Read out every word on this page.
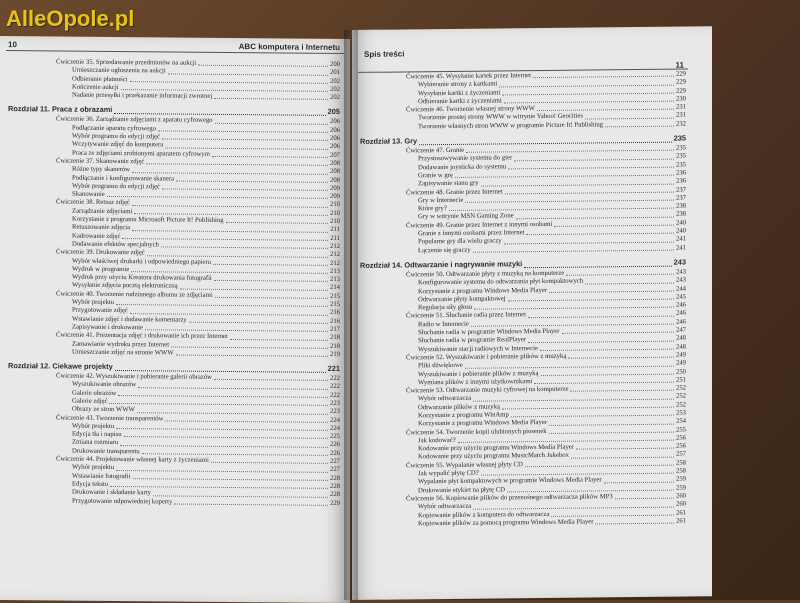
10	ABC komputera i Internetu
Ćwiczenie 35. Sprzedawanie przedmiotów na aukcji	200
Umieszczanie ogłoszenia na aukcji	201
Odbieranie płatności	202
Kończenie aukcji	202
Nadanie przesyłki i przekazanie informacji zwrotnej	202
Rozdział 11. Praca z obrazami	205
Ćwiczenie 36. Zarządzanie zdjęciami z aparatu cyfrowego	206
Podłączanie aparatu cyfrowego	206
Wybór programu do edycji zdjęć	206
Wczytywanie zdjęć do komputera	206
Praca ze zdjęciami zrobionymi aparatem cyfrowym	207
Ćwiczenie 37. Skanowanie zdjęć	208
Różne typy skanerów	208
Podłączanie i konfigurowanie skanera	208
Wybór programu do edycji zdjęć	209
Skanowanie	209
Ćwiczenie 38. Retusz zdjęć	210
Zarządzanie zdjęciami	210
Korzystanie z programu Microsoft Picture It! Publishing	210
Retuszowanie zdjęcia	211
Kadrowanie zdjęć	211
Dodawanie efektów specjalnych	212
Ćwiczenie 39. Drukowanie zdjęć	212
Wybór właściwej drukarki i odpowiedniego papieru	212
Wydruk w programie	213
Wydruk przy użyciu Kreatora drukowania fotografii	213
Wysyłanie zdjęcia pocztą elektroniczną	214
Ćwiczenie 40. Tworzenie rodzinnego albumu ze zdjęciami	215
Wybór projektu	215
Przygotowanie zdjęć	216
Wstawianie zdjęć i dodawanie komentarzy	216
Zapisywanie i drukowanie	217
Ćwiczenie 41. Prezentacja zdjęć i drukowanie ich przez Internet	218
Zamawianie wydruku przez Internet	218
Umieszczanie zdjęć na stronie WWW	219
Rozdział 12. Ciekawe projekty	221
Ćwiczenie 42. Wyszukiwanie i pobieranie galerii obrazów	222
Wyszukiwanie obrazów	222
Galerie obrazów	222
Galerie zdjęć	223
Obrazy ze stron WWW	223
Ćwiczenie 43. Tworzenie transparentów	224
Wybór projektu	224
Edycja tła i napisu	225
Zmiana rozmiaru	226
Drukowanie transparentu	226
Ćwiczenie 44. Projektowanie własnej karty z życzeniami	227
Wybór projektu	227
Wstawianie fotografii	228
Edycja tekstu	228
Drukowanie i składanie karty	228
Przygotowanie odpowiedniej koperty	229
Spis treści
11
Ćwiczenie 45. Wysyłanie kartek przez Internet	229
Wybieranie strony z kartkami	229
Wysyłanie kartki z życzeniami	229
Odbieranie kartki z życzeniami	230
Ćwiczenie 46. Tworzenie własnej strony WWW	231
Tworzenie prostej strony WWW w witrynie Yahoo! Geocities	231
Tworzenie własnych stron WWW w programie Picture It! Publishing	232
Rozdział 13. Gry	235
Ćwiczenie 47. Granie	235
Przystosowywanie systemu do gier	235
Dodawanie joysticka do systemu	235
Granie w grę	236
Zapisywanie stanu gry	236
Ćwiczenie 48. Granie przez Internet	237
Gry w Internecie	237
Które gry?	238
Gry w witrynie MSN Gaming Zone	238
Ćwiczenie 49. Granie przez Internet z innymi osobami	240
Granie z innymi osobami przez Internet	240
Popularne gry dla wielu graczy	241
Łączenie się graczy	241
Rozdział 14. Odtwarzanie i nagrywanie muzyki	243
Ćwiczenie 50. Odtwarzanie płyty z muzyką na komputerze	243
Konfigurowanie systemu do odtwarzania płyt kompaktowych	243
Korzystanie z programu Windows Media Player	244
Odtwarzanie płyty kompaktowej	245
Regulacja siły głosu	246
Ćwiczenie 51. Słuchanie radia przez Internet	246
Radio w Internecie	246
Słuchanie radia w programie Windows Media Player	247
Słuchanie radia w programie RealPlayer	248
Wyszukiwanie stacji radiowych w Internecie	248
Ćwiczenie 52. Wyszukiwanie i pobieranie plików z muzyką	249
Pliki dźwiękowe	249
Wyszukiwanie i pobieranie plików z muzyką	250
Wymiana plików z innymi użytkownikami	251
Ćwiczenie 53. Odtwarzanie muzyki cyfrowej na komputerze	252
Wybór odtwarzacza	252
Odtwarzanie plików z muzyką	252
Korzystanie z programu WinAmp	253
Korzystanie z programu Windows Media Player	254
Ćwiczenie 54. Tworzenie kopii ulubionych piosenek	255
Jak kodować?	256
Kodowanie przy użyciu programu Windows Media Player	256
Kodowanie przy użyciu programu MusicMatch Jukebox	257
Ćwiczenie 55. Wypalanie własnej płyty CD	258
Jak wypalić płytę CD?	258
Wypalanie płyt kompaktowych w programie Windows Media Player	259
Drukowanie etykiet na płytę CD	259
Ćwiczenie 56. Kopiowanie plików do przenośnego odtwarzacza plików MP3	260
Wybór odtwarzacza	260
Kopiowanie plików z komputera do odtwarzacza	261
Kopiowanie plików za pomocą programu Windows Media Player	261
AlleOpole.pl
